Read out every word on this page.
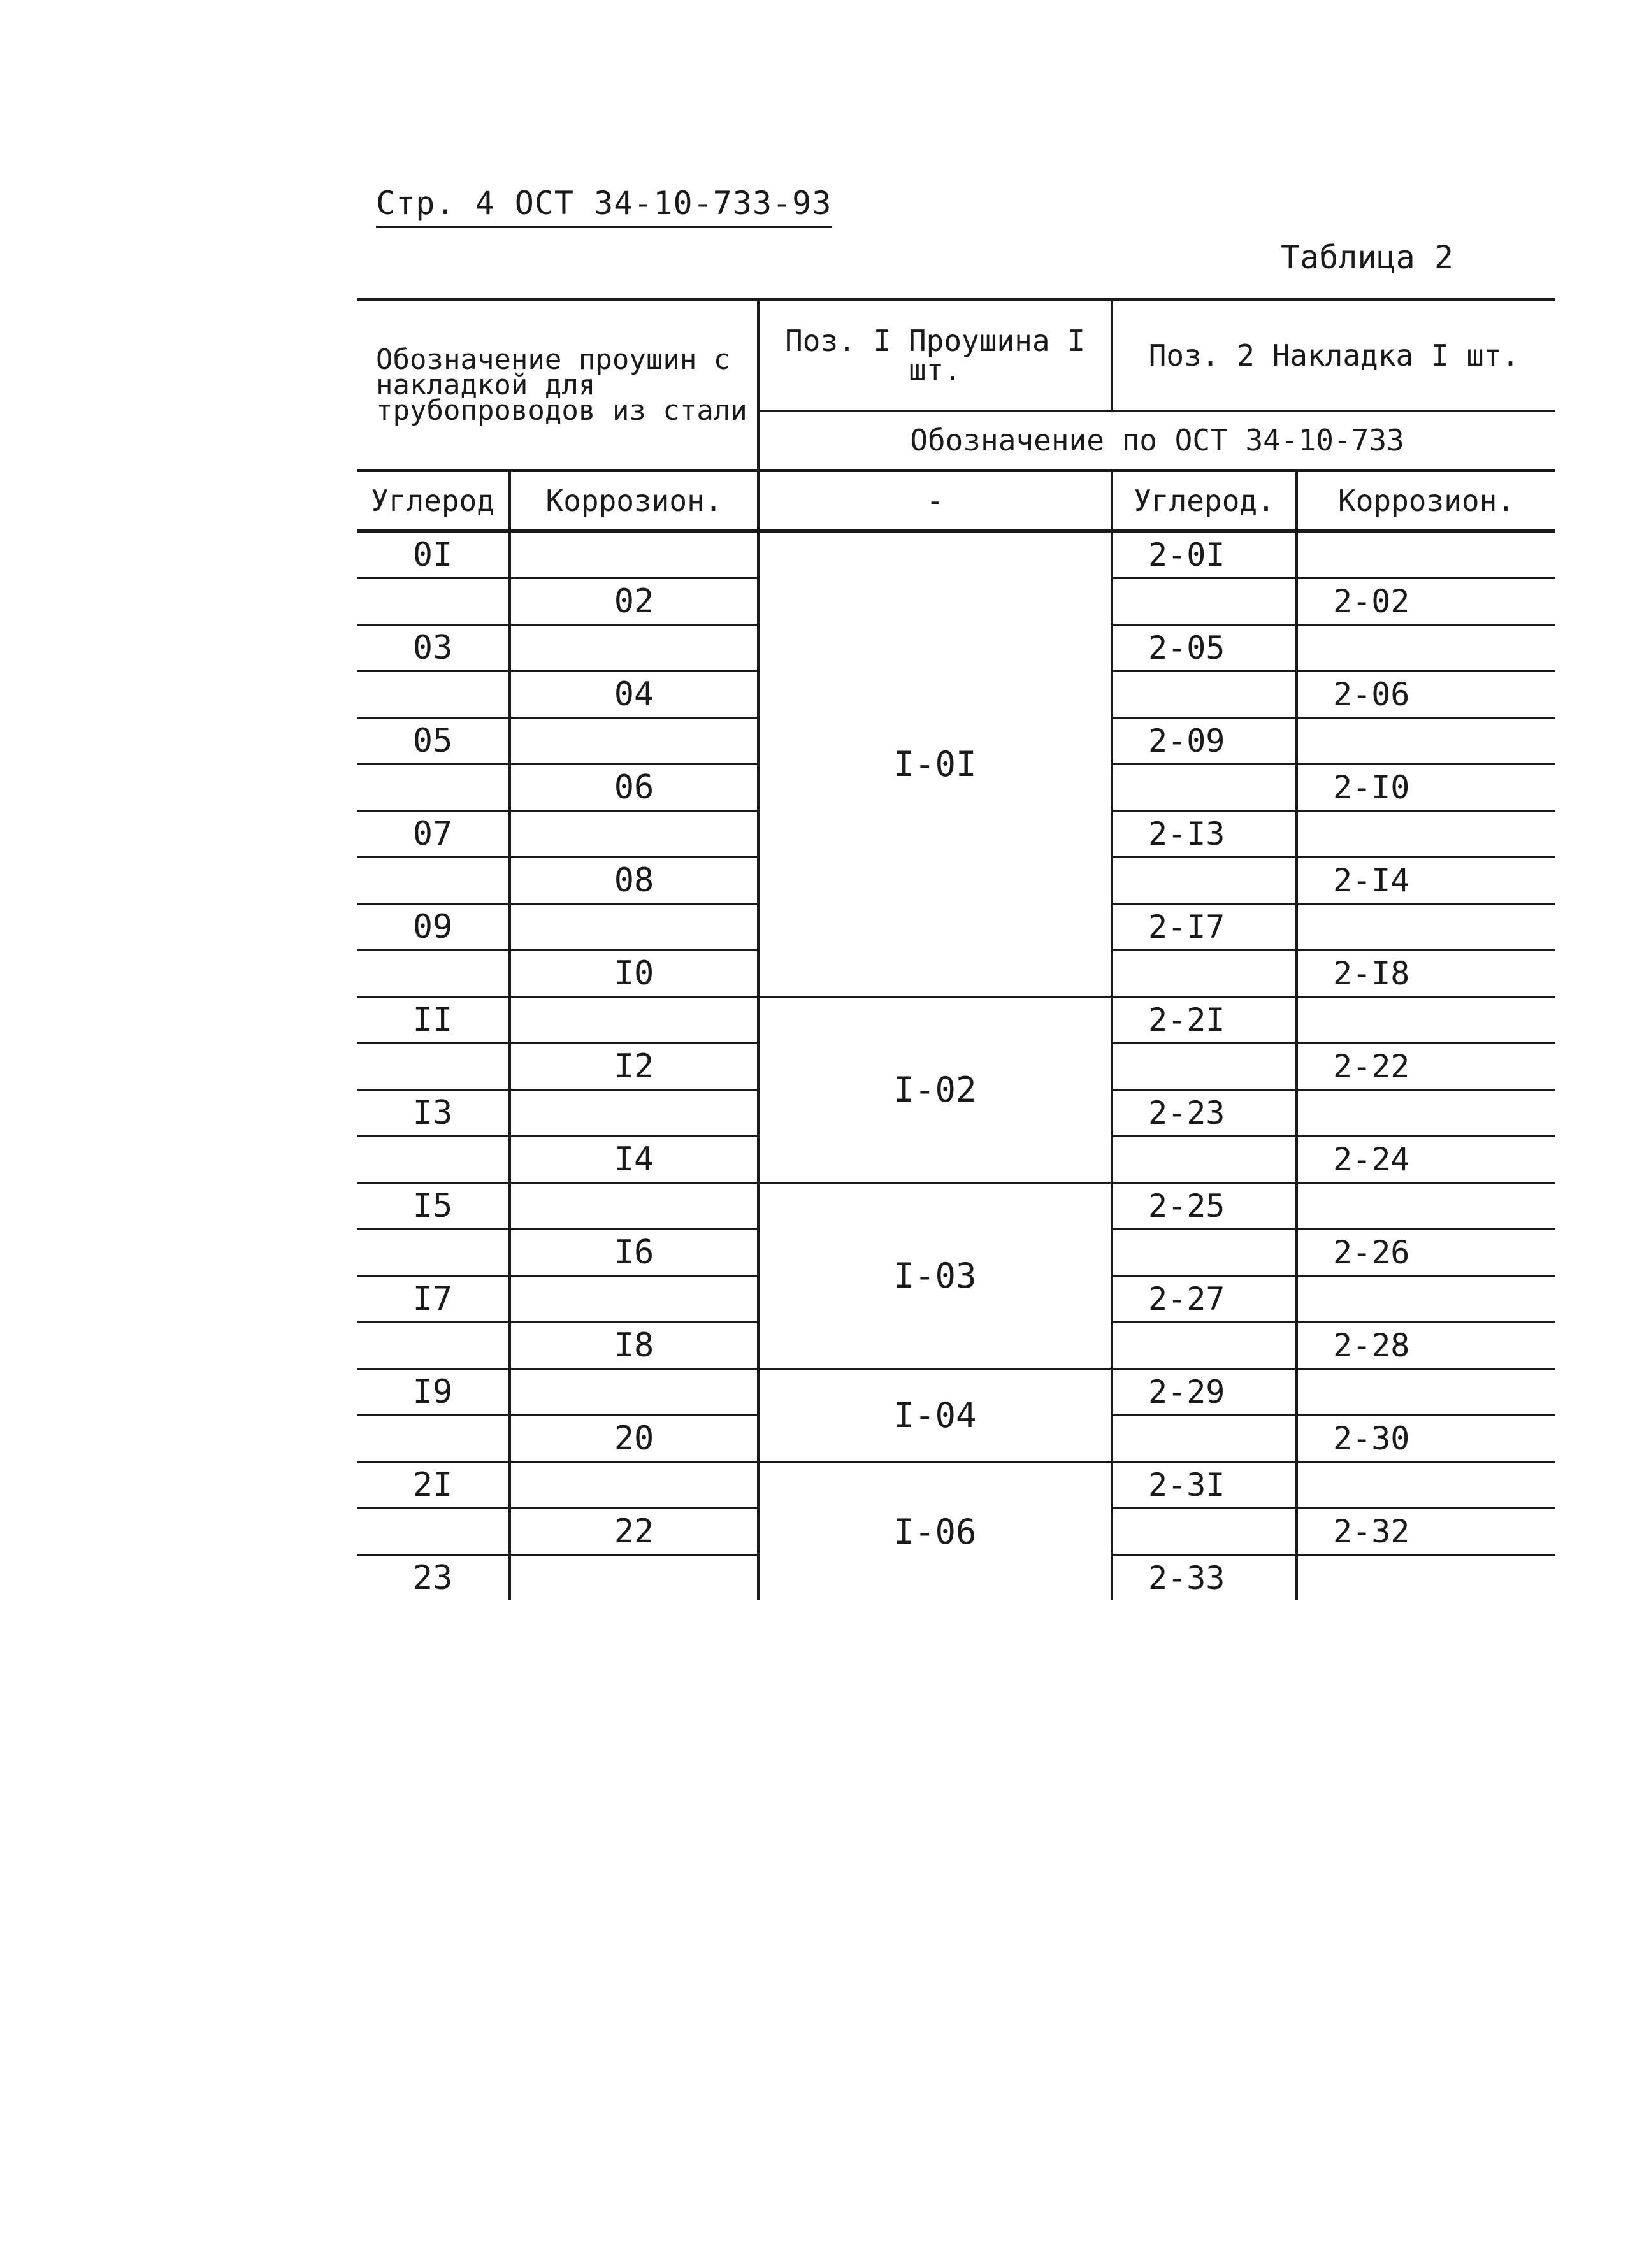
Стр. 4 ОСТ 34-10-733-93
Таблица 2
Обозначение проушин с накладкой для трубопроводов из стали		Поз. I Проушина I шт.	Поз. 2 Накладка I шт.	
		Обозначение по ОСТ 34-10-733		
Углерод	Коррозион.	-	Углерод.	Коррозион.
0I		I-0I	2-0I	
	02			2-02
03			2-05	
	04			2-06
05			2-09	
	06			2-I0
07			2-I3	
	08			2-I4
09			2-I7	
	I0			2-I8
II		I-02	2-2I	
	I2			2-22
I3			2-23	
	I4			2-24
I5		I-03	2-25	
	I6			2-26
I7			2-27	
	I8			2-28
I9		I-04	2-29	
	20			2-30
2I		I-06	2-3I	
	22			2-32
23			2-33	
